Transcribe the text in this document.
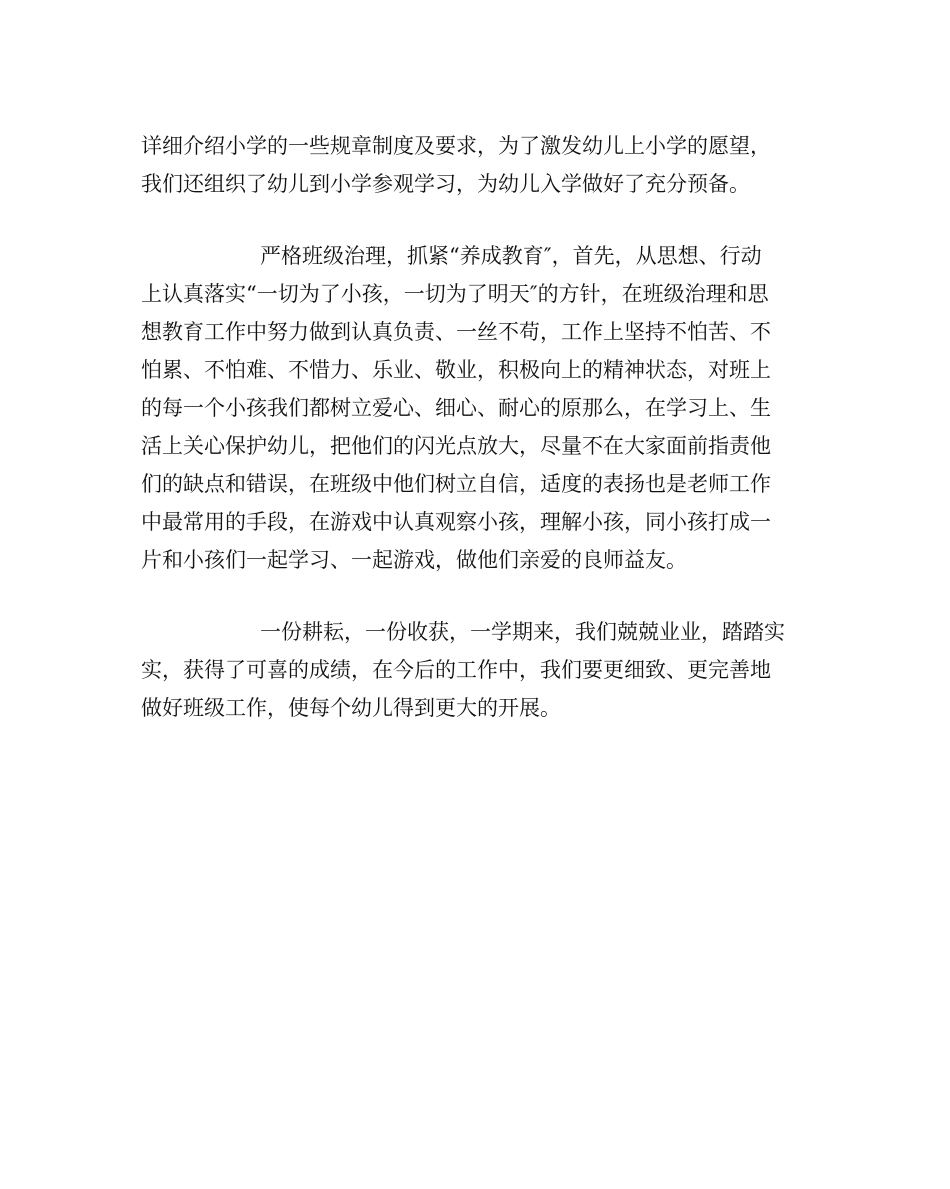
详细介绍小学的一些规章制度及要求，为了激发幼儿上小学的愿望，
我们还组织了幼儿到小学参观学习，为幼儿入学做好了充分预备。
严格班级治理，抓紧“养成教育″，首先，从思想、行动
上认真落实“一切为了小孩，一切为了明天″的方针，在班级治理和思
想教育工作中努力做到认真负责、一丝不苟，工作上坚持不怕苦、不
怕累、不怕难、不惜力、乐业、敬业，积极向上的精神状态，对班上
的每一个小孩我们都树立爱心、细心、耐心的原那么，在学习上、生
活上关心保护幼儿，把他们的闪光点放大，尽量不在大家面前指责他
们的缺点和错误，在班级中他们树立自信，适度的表扬也是老师工作
中最常用的手段，在游戏中认真观察小孩，理解小孩，同小孩打成一
片和小孩们一起学习、一起游戏，做他们亲爱的良师益友。
一份耕耘，一份收获，一学期来，我们兢兢业业，踏踏实
实，获得了可喜的成绩，在今后的工作中，我们要更细致、更完善地
做好班级工作，使每个幼儿得到更大的开展。
